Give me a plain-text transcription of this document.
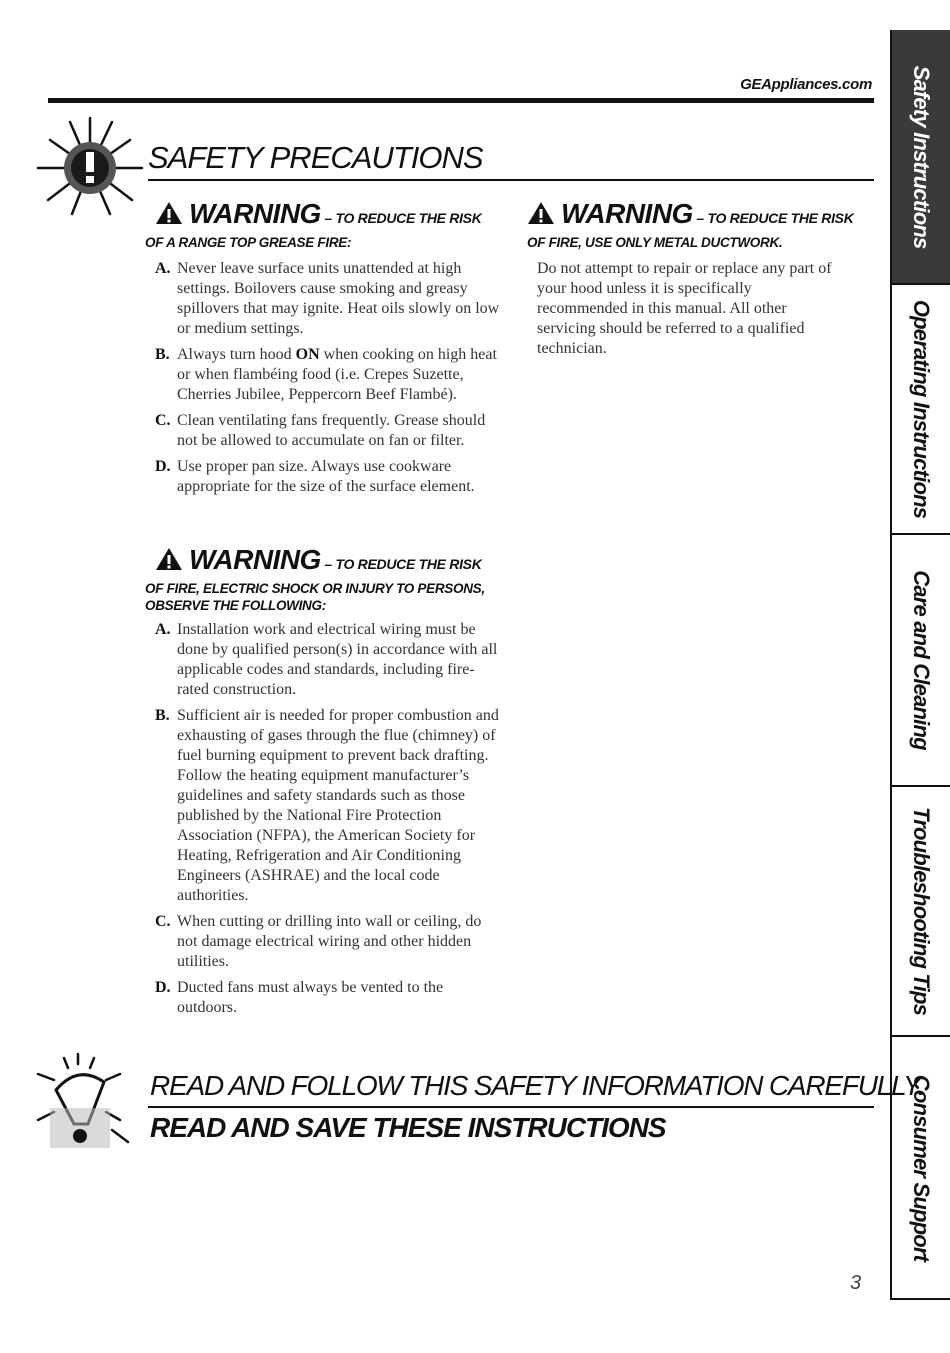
GEAppliances.com
SAFETY PRECAUTIONS
WARNING – TO REDUCE THE RISK
OF A RANGE TOP GREASE FIRE:
A. Never leave surface units unattended at high settings. Boilovers cause smoking and greasy spillovers that may ignite. Heat oils slowly on low or medium settings.
B. Always turn hood ON when cooking on high heat or when flambéing food (i.e. Crepes Suzette, Cherries Jubilee, Peppercorn Beef Flambé).
C. Clean ventilating fans frequently. Grease should not be allowed to accumulate on fan or filter.
D. Use proper pan size. Always use cookware appropriate for the size of the surface element.
WARNING – TO REDUCE THE RISK
OF FIRE, ELECTRIC SHOCK OR INJURY TO PERSONS,
OBSERVE THE FOLLOWING:
A. Installation work and electrical wiring must be done by qualified person(s) in accordance with all applicable codes and standards, including fire-rated construction.
B. Sufficient air is needed for proper combustion and exhausting of gases through the flue (chimney) of fuel burning equipment to prevent back drafting. Follow the heating equipment manufacturer’s guidelines and safety standards such as those published by the National Fire Protection Association (NFPA), the American Society for Heating, Refrigeration and Air Conditioning Engineers (ASHRAE) and the local code authorities.
C. When cutting or drilling into wall or ceiling, do not damage electrical wiring and other hidden utilities.
D. Ducted fans must always be vented to the outdoors.
WARNING – TO REDUCE THE RISK
OF FIRE, USE ONLY METAL DUCTWORK.
Do not attempt to repair or replace any part of your hood unless it is specifically recommended in this manual. All other servicing should be referred to a qualified technician.
READ AND FOLLOW THIS SAFETY INFORMATION CAREFULLY.
READ AND SAVE THESE INSTRUCTIONS
3
Safety Instructions
Operating Instructions
Care and Cleaning
Troubleshooting Tips
Consumer Support
